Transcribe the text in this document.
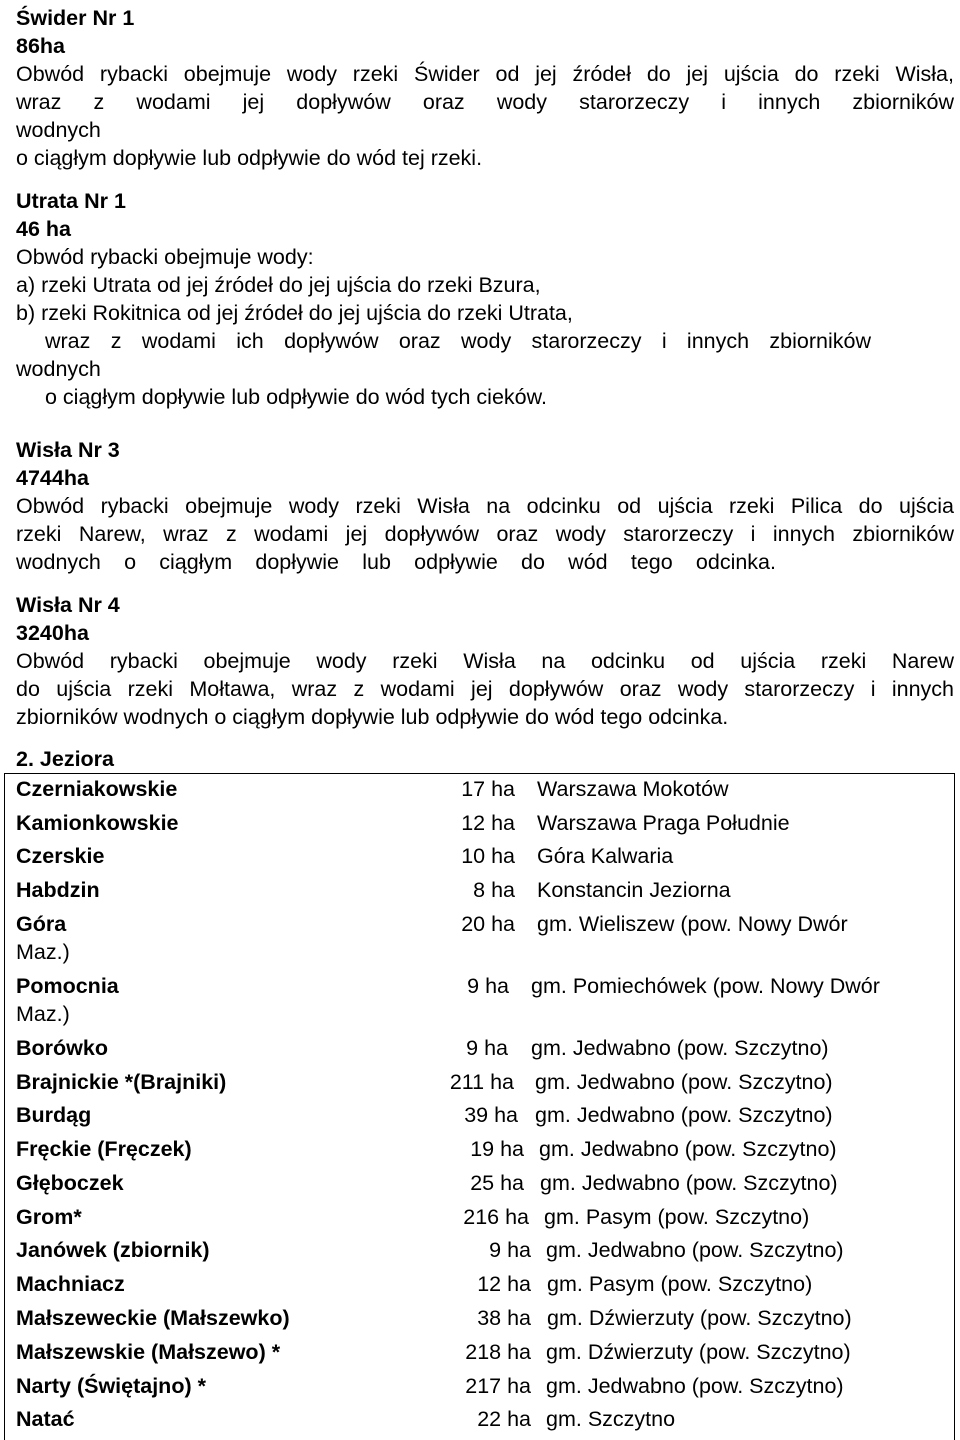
Świder Nr 1
86ha
Obwód rybacki obejmuje wody rzeki Świder od jej źródeł do jej ujścia do rzeki Wisła,
wraz z wodami jej dopływów oraz wody starorzeczy i innych zbiorników
wodnych
o ciągłym dopływie lub odpływie do wód tej rzeki.
Utrata Nr 1
46 ha
Obwód rybacki obejmuje wody:
a) rzeki Utrata od jej źródeł do jej ujścia do rzeki Bzura,
b) rzeki Rokitnica od jej źródeł do jej ujścia do rzeki Utrata,
wraz z wodami ich dopływów oraz wody starorzeczy i innych zbiorników
wodnych
o ciągłym dopływie lub odpływie do wód tych cieków.
Wisła Nr 3
4744ha
Obwód rybacki obejmuje wody rzeki Wisła na odcinku od ujścia rzeki Pilica do ujścia
rzeki Narew, wraz z wodami jej dopływów oraz wody starorzeczy i innych zbiorników
wodnych o ciągłym dopływie lub odpływie do wód tego odcinka.
Wisła Nr 4
3240ha
Obwód rybacki obejmuje wody rzeki Wisła na odcinku od ujścia rzeki Narew
do ujścia rzeki Mołtawa, wraz z wodami jej dopływów oraz wody starorzeczy i innych
zbiorników wodnych o ciągłym dopływie lub odpływie do wód tego odcinka.
2. Jeziora
Czerniakowskie	17 ha Warszawa Mokotów
Kamionkowskie	12 ha Warszawa Praga Południe
Czerskie	10 ha Góra Kalwaria
Habdzin	8 ha Konstancin Jeziorna
Góra	20 ha gm. Wieliszew (pow. Nowy Dwór
Maz.)
Pomocnia	9 ha gm. Pomiechówek (pow. Nowy Dwór
Maz.)
Borówko	9 ha gm. Jedwabno (pow. Szczytno)
Brajnickie *(Brajniki)	211 ha gm. Jedwabno (pow. Szczytno)
Burdąg	39 ha gm. Jedwabno (pow. Szczytno)
Fręckie (Fręczek)	19 ha gm. Jedwabno (pow. Szczytno)
Głęboczek	25 ha gm. Jedwabno (pow. Szczytno)
Grom*	216 ha gm. Pasym (pow. Szczytno)
Janówek (zbiornik)	9 ha gm. Jedwabno (pow. Szczytno)
Machniacz	12 ha gm. Pasym (pow. Szczytno)
Małszeweckie (Małszewko)	38 ha gm. Dźwierzuty (pow. Szczytno)
Małszewskie (Małszewo) *	218 ha gm. Dźwierzuty (pow. Szczytno)
Narty (Świętajno) *	217 ha gm. Jedwabno (pow. Szczytno)
Natać	22 ha gm. Szczytno
